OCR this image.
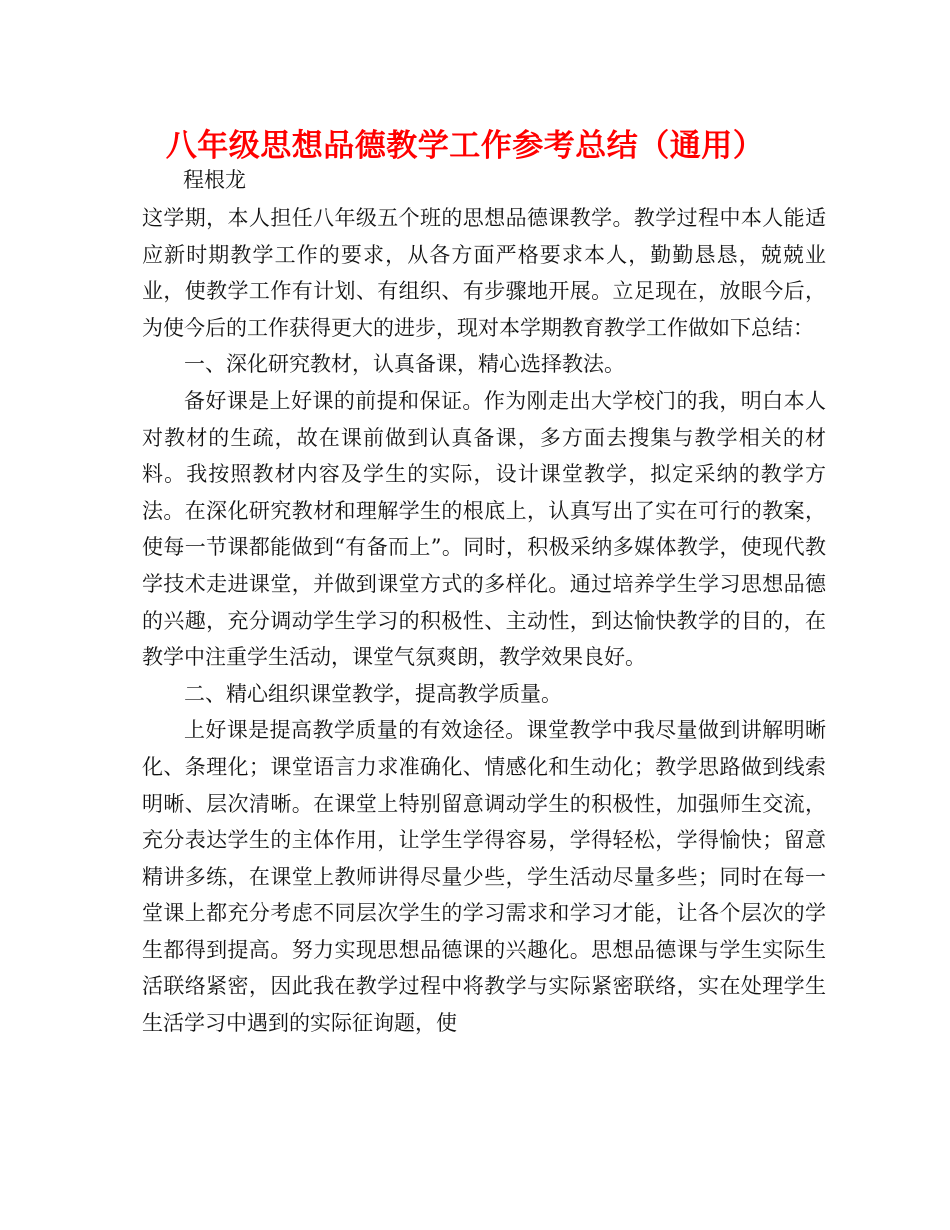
八年级思想品德教学工作参考总结（通用）
程根龙

这学期，本人担任八年级五个班的思想品德课教学。教学过程中本人能适应新时期教学工作的要求，从各方面严格要求本人，勤勤恳恳，兢兢业业，使教学工作有计划、有组织、有步骤地开展。立足现在，放眼今后，为使今后的工作获得更大的进步，现对本学期教育教学工作做如下总结：

一、深化研究教材，认真备课，精心选择教法。

备好课是上好课的前提和保证。作为刚走出大学校门的我，明白本人对教材的生疏，故在课前做到认真备课，多方面去搜集与教学相关的材料。我按照教材内容及学生的实际，设计课堂教学，拟定采纳的教学方法。在深化研究教材和理解学生的根底上，认真写出了实在可行的教案，使每一节课都能做到“有备而上”。同时，积极采纳多媒体教学，使现代教学技术走进课堂，并做到课堂方式的多样化。通过培养学生学习思想品德的兴趣，充分调动学生学习的积极性、主动性，到达愉快教学的目的，在教学中注重学生活动，课堂气氛爽朗，教学效果良好。

二、精心组织课堂教学，提高教学质量。

上好课是提高教学质量的有效途径。课堂教学中我尽量做到讲解明晰化、条理化；课堂语言力求准确化、情感化和生动化；教学思路做到线索明晰、层次清晰。在课堂上特别留意调动学生的积极性，加强师生交流，充分表达学生的主体作用，让学生学得容易，学得轻松，学得愉快；留意精讲多练，在课堂上教师讲得尽量少些，学生活动尽量多些；同时在每一堂课上都充分考虑不同层次学生的学习需求和学习才能，让各个层次的学生都得到提高。努力实现思想品德课的兴趣化。思想品德课与学生实际生活联络紧密，因此我在教学过程中将教学与实际紧密联络，实在处理学生生活学习中遇到的实际征询题，使
